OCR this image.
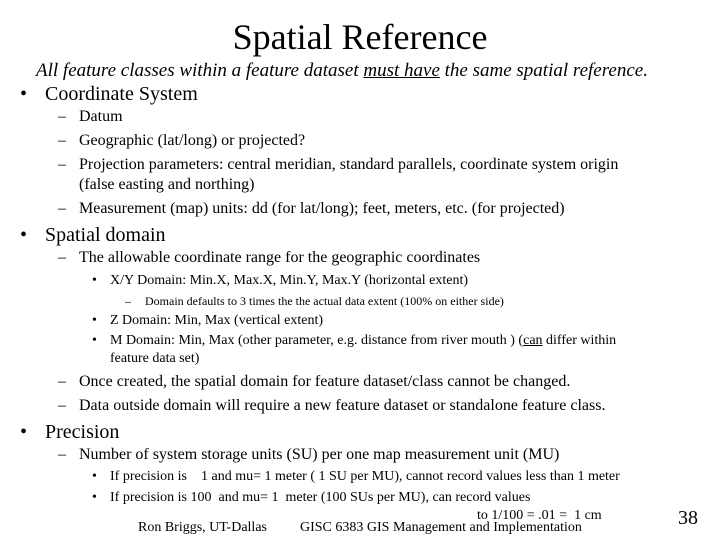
Spatial Reference
All feature classes within a feature dataset must have the same spatial reference.
• Coordinate System
– Datum
– Geographic (lat/long) or projected?
– Projection parameters: central meridian, standard parallels, coordinate system origin
(false easting and northing)
– Measurement (map) units: dd (for lat/long); feet, meters, etc. (for projected)
• Spatial domain
– The allowable coordinate range for the geographic coordinates
• X/Y Domain: Min.X, Max.X, Min.Y, Max.Y (horizontal extent)
– Domain defaults to 3 times the the actual data extent (100% on either side)
• Z Domain: Min, Max (vertical extent)
• M Domain: Min, Max (other parameter, e.g. distance from river mouth ) (can differ within
feature data set)
– Once created, the spatial domain for feature dataset/class cannot be changed.
– Data outside domain will require a new feature dataset or standalone feature class.
• Precision
– Number of system storage units (SU) per one map measurement unit (MU)
• If precision is    1 and mu= 1 meter ( 1 SU per MU), cannot record values less than 1 meter
• If precision is 100  and mu= 1  meter (100 SUs per MU), can record values
to 1/100 = .01 =  1 cm
Ron Briggs, UT-Dallas GISC 6383 GIS Management and Implementation	38
